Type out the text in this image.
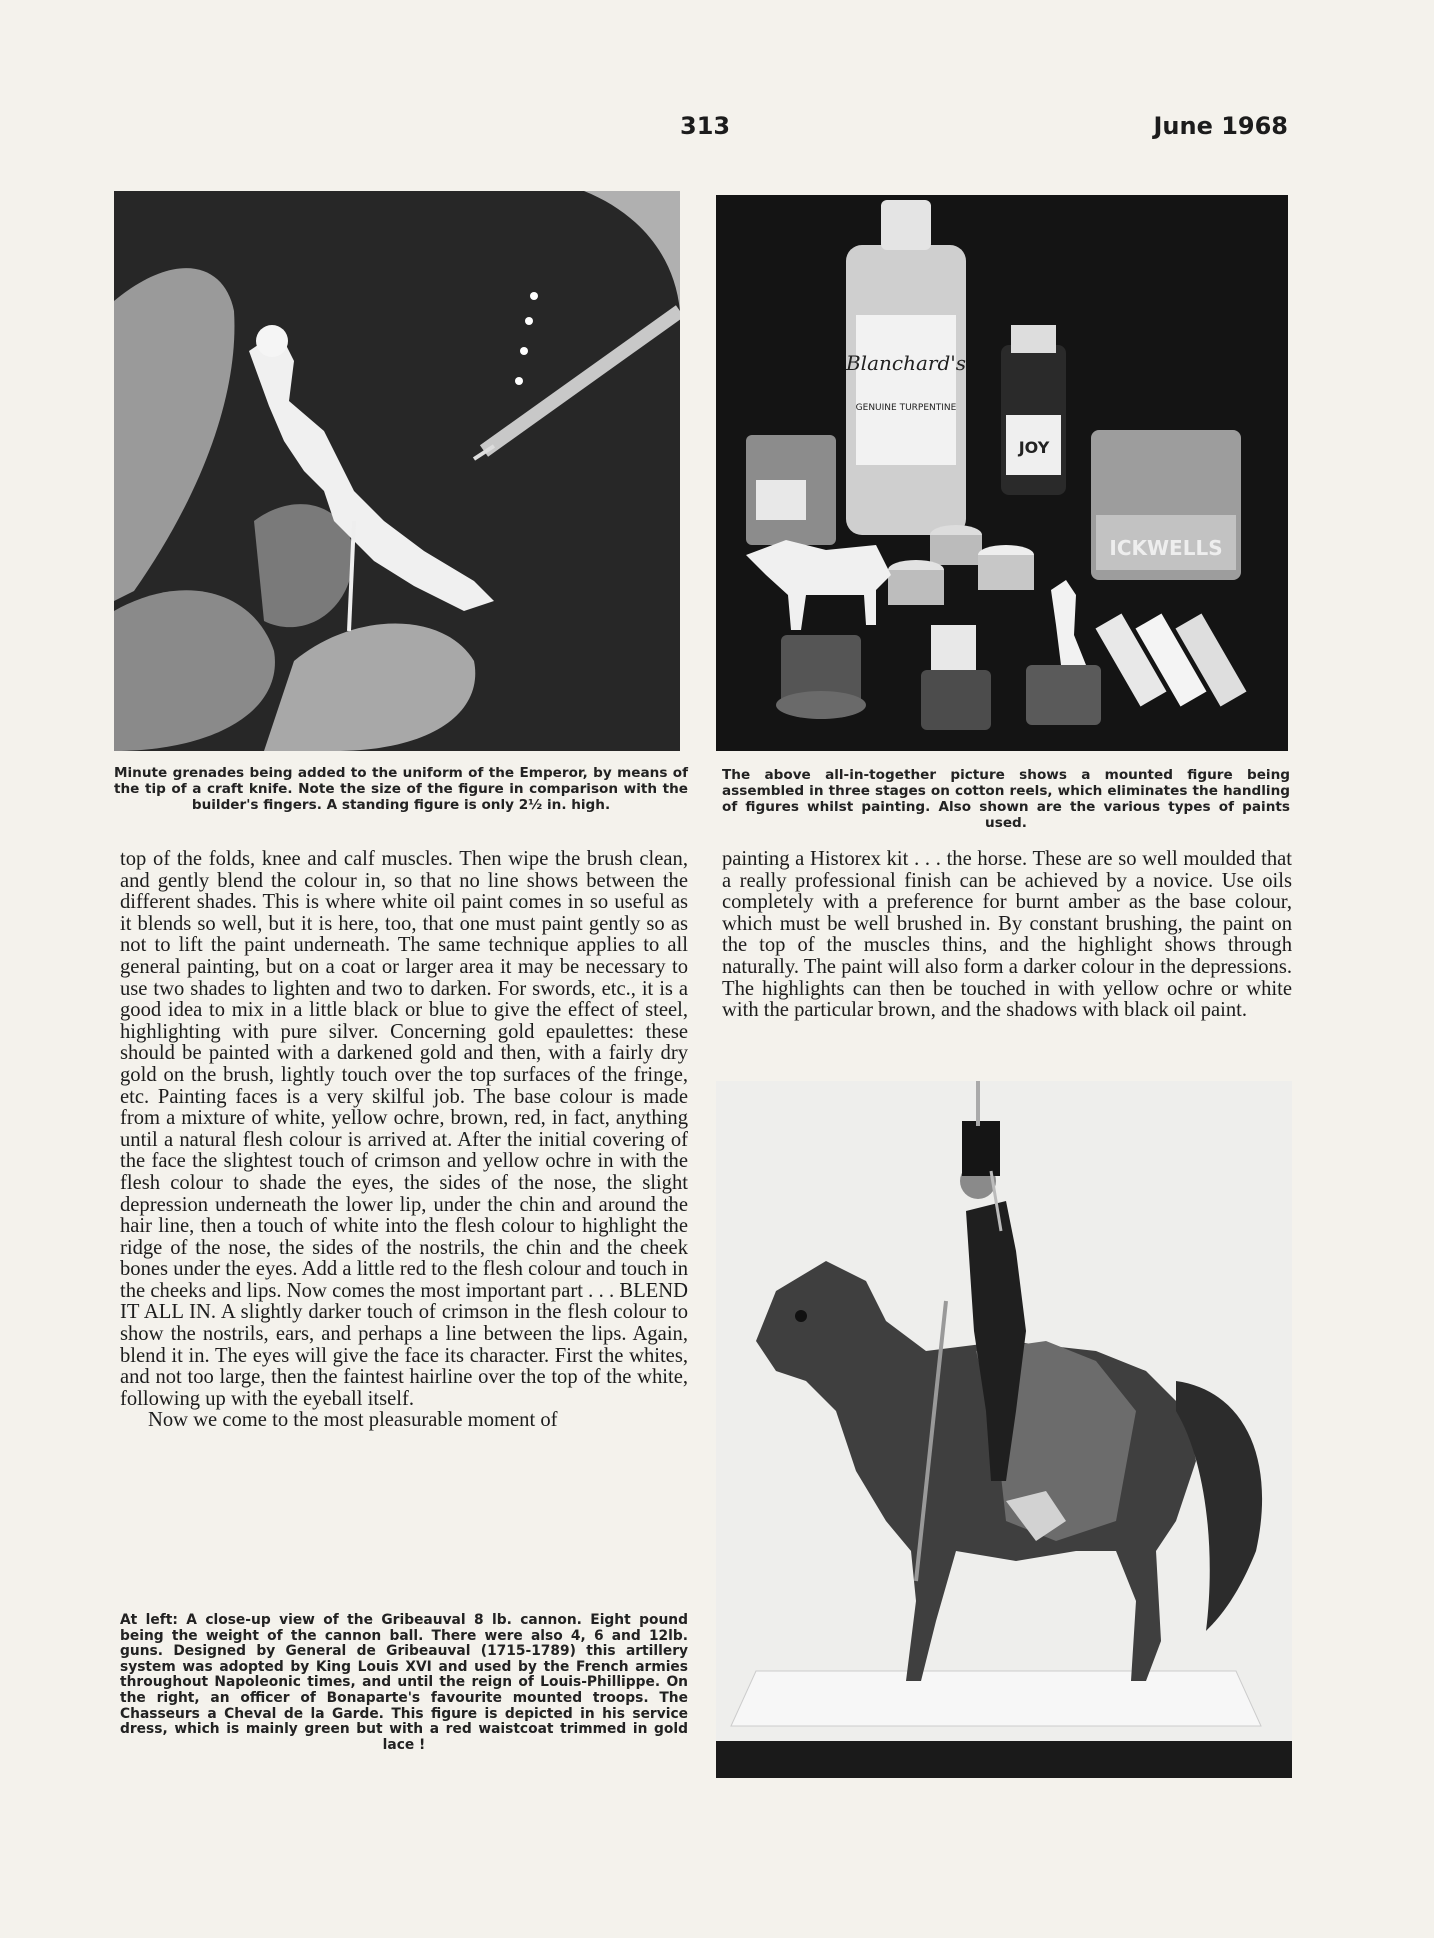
313	June 1968
Minute grenades being added to the uniform of the Emperor, by means of the tip of a craft knife. Note the size of the figure in comparison with the builder's fingers. A standing figure is only 2½ in. high.
Blanchard's
GENUINE TURPENTINE
JOY
ICKWELLS
The above all-in-together picture shows a mounted figure being assembled in three stages on cotton reels, which eliminates the handling of figures whilst painting. Also shown are the various types of paints used.

top of the folds, knee and calf muscles. Then wipe the brush clean, and gently blend the colour in, so that no line shows between the different shades. This is where white oil paint comes in so useful as it blends so well, but it is here, too, that one must paint gently so as not to lift the paint underneath. The same technique applies to all general painting, but on a coat or larger area it may be necessary to use two shades to lighten and two to darken. For swords, etc., it is a good idea to mix in a little black or blue to give the effect of steel, highlighting with pure silver. Concerning gold epaulettes: these should be painted with a darkened gold and then, with a fairly dry gold on the brush, lightly touch over the top surfaces of the fringe, etc. Painting faces is a very skilful job. The base colour is made from a mixture of white, yellow ochre, brown, red, in fact, anything until a natural flesh colour is arrived at. After the initial covering of the face the slightest touch of crimson and yellow ochre in with the flesh colour to shade the eyes, the sides of the nose, the slight depression underneath the lower lip, under the chin and around the hair line, then a touch of white into the flesh colour to highlight the ridge of the nose, the sides of the nostrils, the chin and the cheek bones under the eyes. Add a little red to the flesh colour and touch in the cheeks and lips. Now comes the most important part . . . BLEND IT ALL IN. A slightly darker touch of crimson in the flesh colour to show the nostrils, ears, and perhaps a line between the lips. Again, blend it in. The eyes will give the face its character. First the whites, and not too large, then the faintest hairline over the top of the white, following up with the eyeball itself.

Now we come to the most pleasurable moment of

At left: A close-up view of the Gribeauval 8 lb. cannon. Eight pound being the weight of the cannon ball. There were also 4, 6 and 12lb. guns. Designed by General de Gribeauval (1715-1789) this artillery system was adopted by King Louis XVI and used by the French armies throughout Napoleonic times, and until the reign of Louis-Phillippe. On the right, an officer of Bonaparte's favourite mounted troops. The Chasseurs a Cheval de la Garde. This figure is depicted in his service dress, which is mainly green but with a red waistcoat trimmed in gold lace !

painting a Historex kit . . . the horse. These are so well moulded that a really professional finish can be achieved by a novice. Use oils completely with a preference for burnt amber as the base colour, which must be well brushed in. By constant brushing, the paint on the top of the muscles thins, and the highlight shows through naturally. The paint will also form a darker colour in the depressions. The highlights can then be touched in with yellow ochre or white with the particular brown, and the shadows with black oil paint.
